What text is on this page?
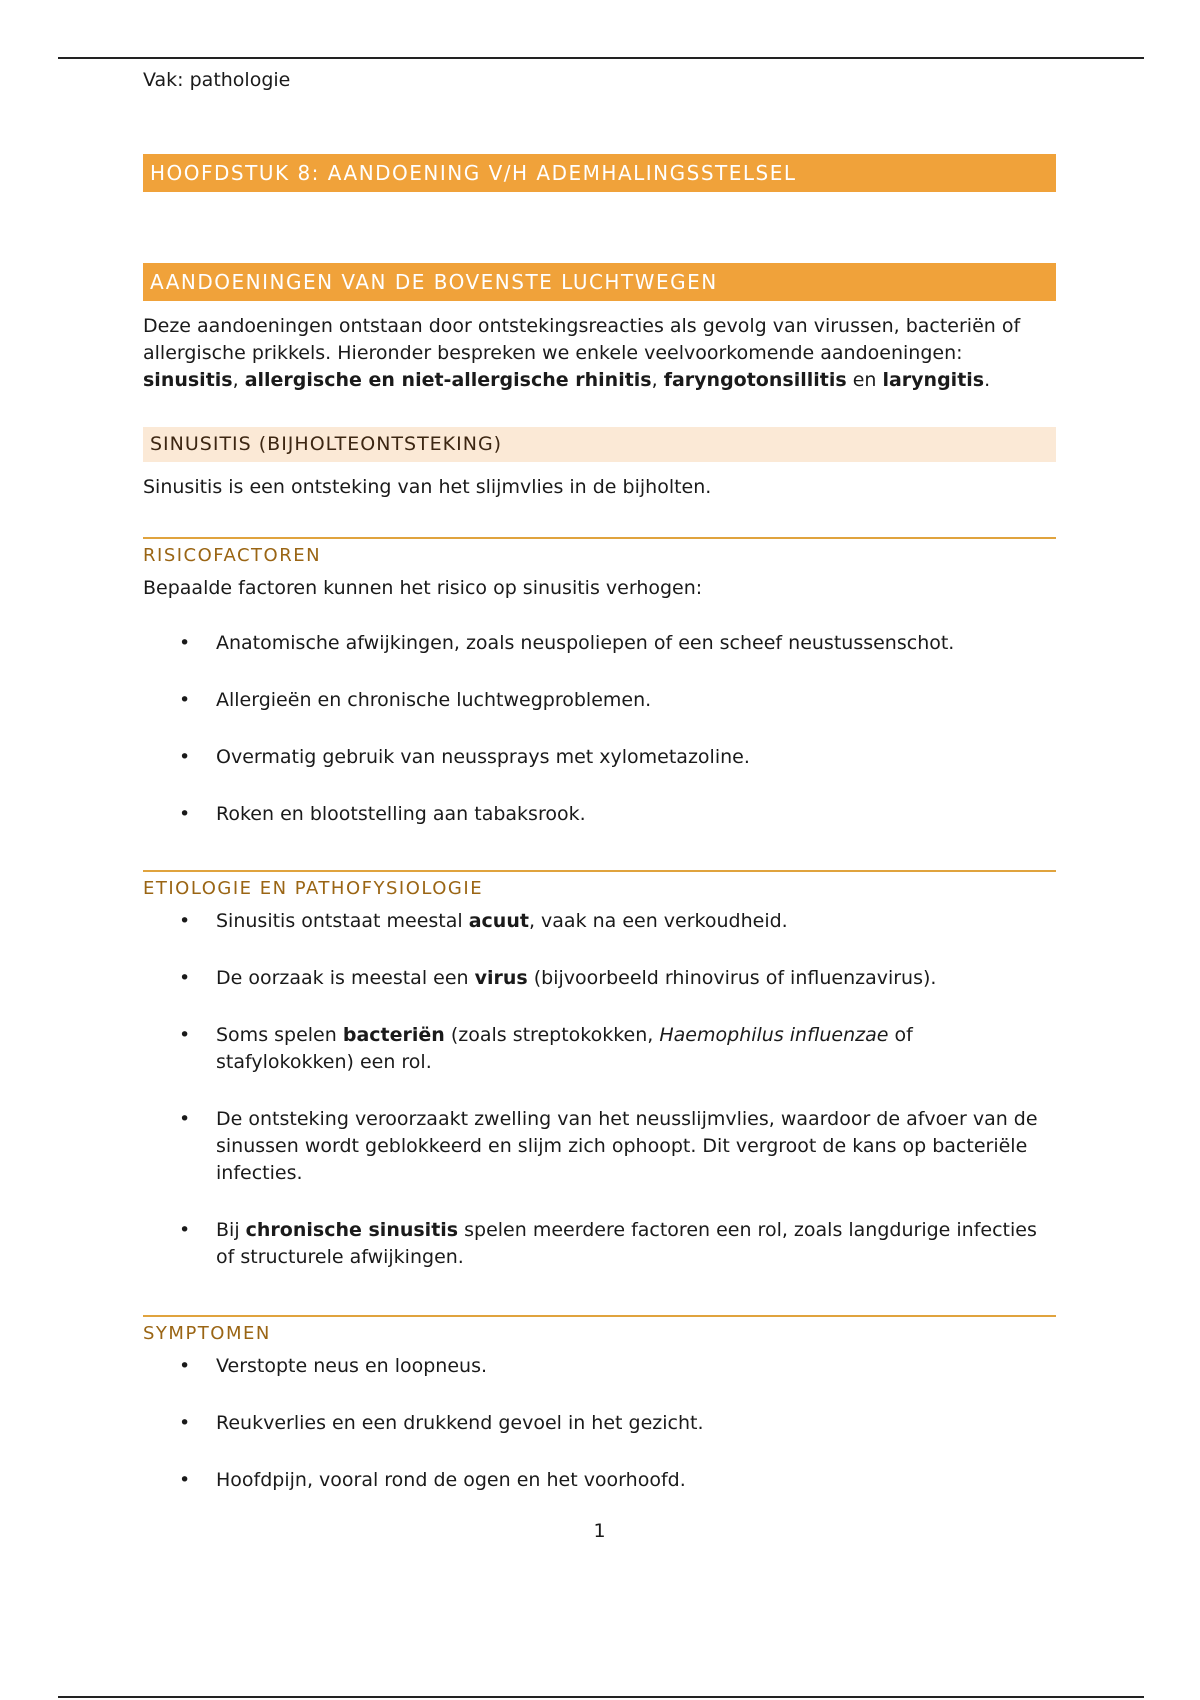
Vak: pathologie
HOOFDSTUK 8: AANDOENING V/H ADEMHALINGSSTELSEL
AANDOENINGEN VAN DE BOVENSTE LUCHTWEGEN

Deze aandoeningen ontstaan door ontstekingsreacties als gevolg van virussen, bacteriën of allergische prikkels. Hieronder bespreken we enkele veelvoorkomende aandoeningen: sinusitis, allergische en niet-allergische rhinitis, faryngotonsillitis en laryngitis.

SINUSITIS (BIJHOLTEONTSTEKING)

Sinusitis is een ontsteking van het slijmvlies in de bijholten.

RISICOFACTOREN

Bepaalde factoren kunnen het risico op sinusitis verhogen:

• Anatomische afwijkingen, zoals neuspoliepen of een scheef neustussenschot.
• Allergieën en chronische luchtwegproblemen.
• Overmatig gebruik van neussprays met xylometazoline.
• Roken en blootstelling aan tabaksrook.
ETIOLOGIE EN PATHOFYSIOLOGIE
• Sinusitis ontstaat meestal acuut, vaak na een verkoudheid.
• De oorzaak is meestal een virus (bijvoorbeeld rhinovirus of influenzavirus).
• Soms spelen bacteriën (zoals streptokokken, Haemophilus influenzae of stafylokokken) een rol.
• De ontsteking veroorzaakt zwelling van het neusslijmvlies, waardoor de afvoer van de sinussen wordt geblokkeerd en slijm zich ophoopt. Dit vergroot de kans op bacteriële infecties.
• Bij chronische sinusitis spelen meerdere factoren een rol, zoals langdurige infecties of structurele afwijkingen.
SYMPTOMEN
• Verstopte neus en loopneus.
• Reukverlies en een drukkend gevoel in het gezicht.
• Hoofdpijn, vooral rond de ogen en het voorhoofd.
1
